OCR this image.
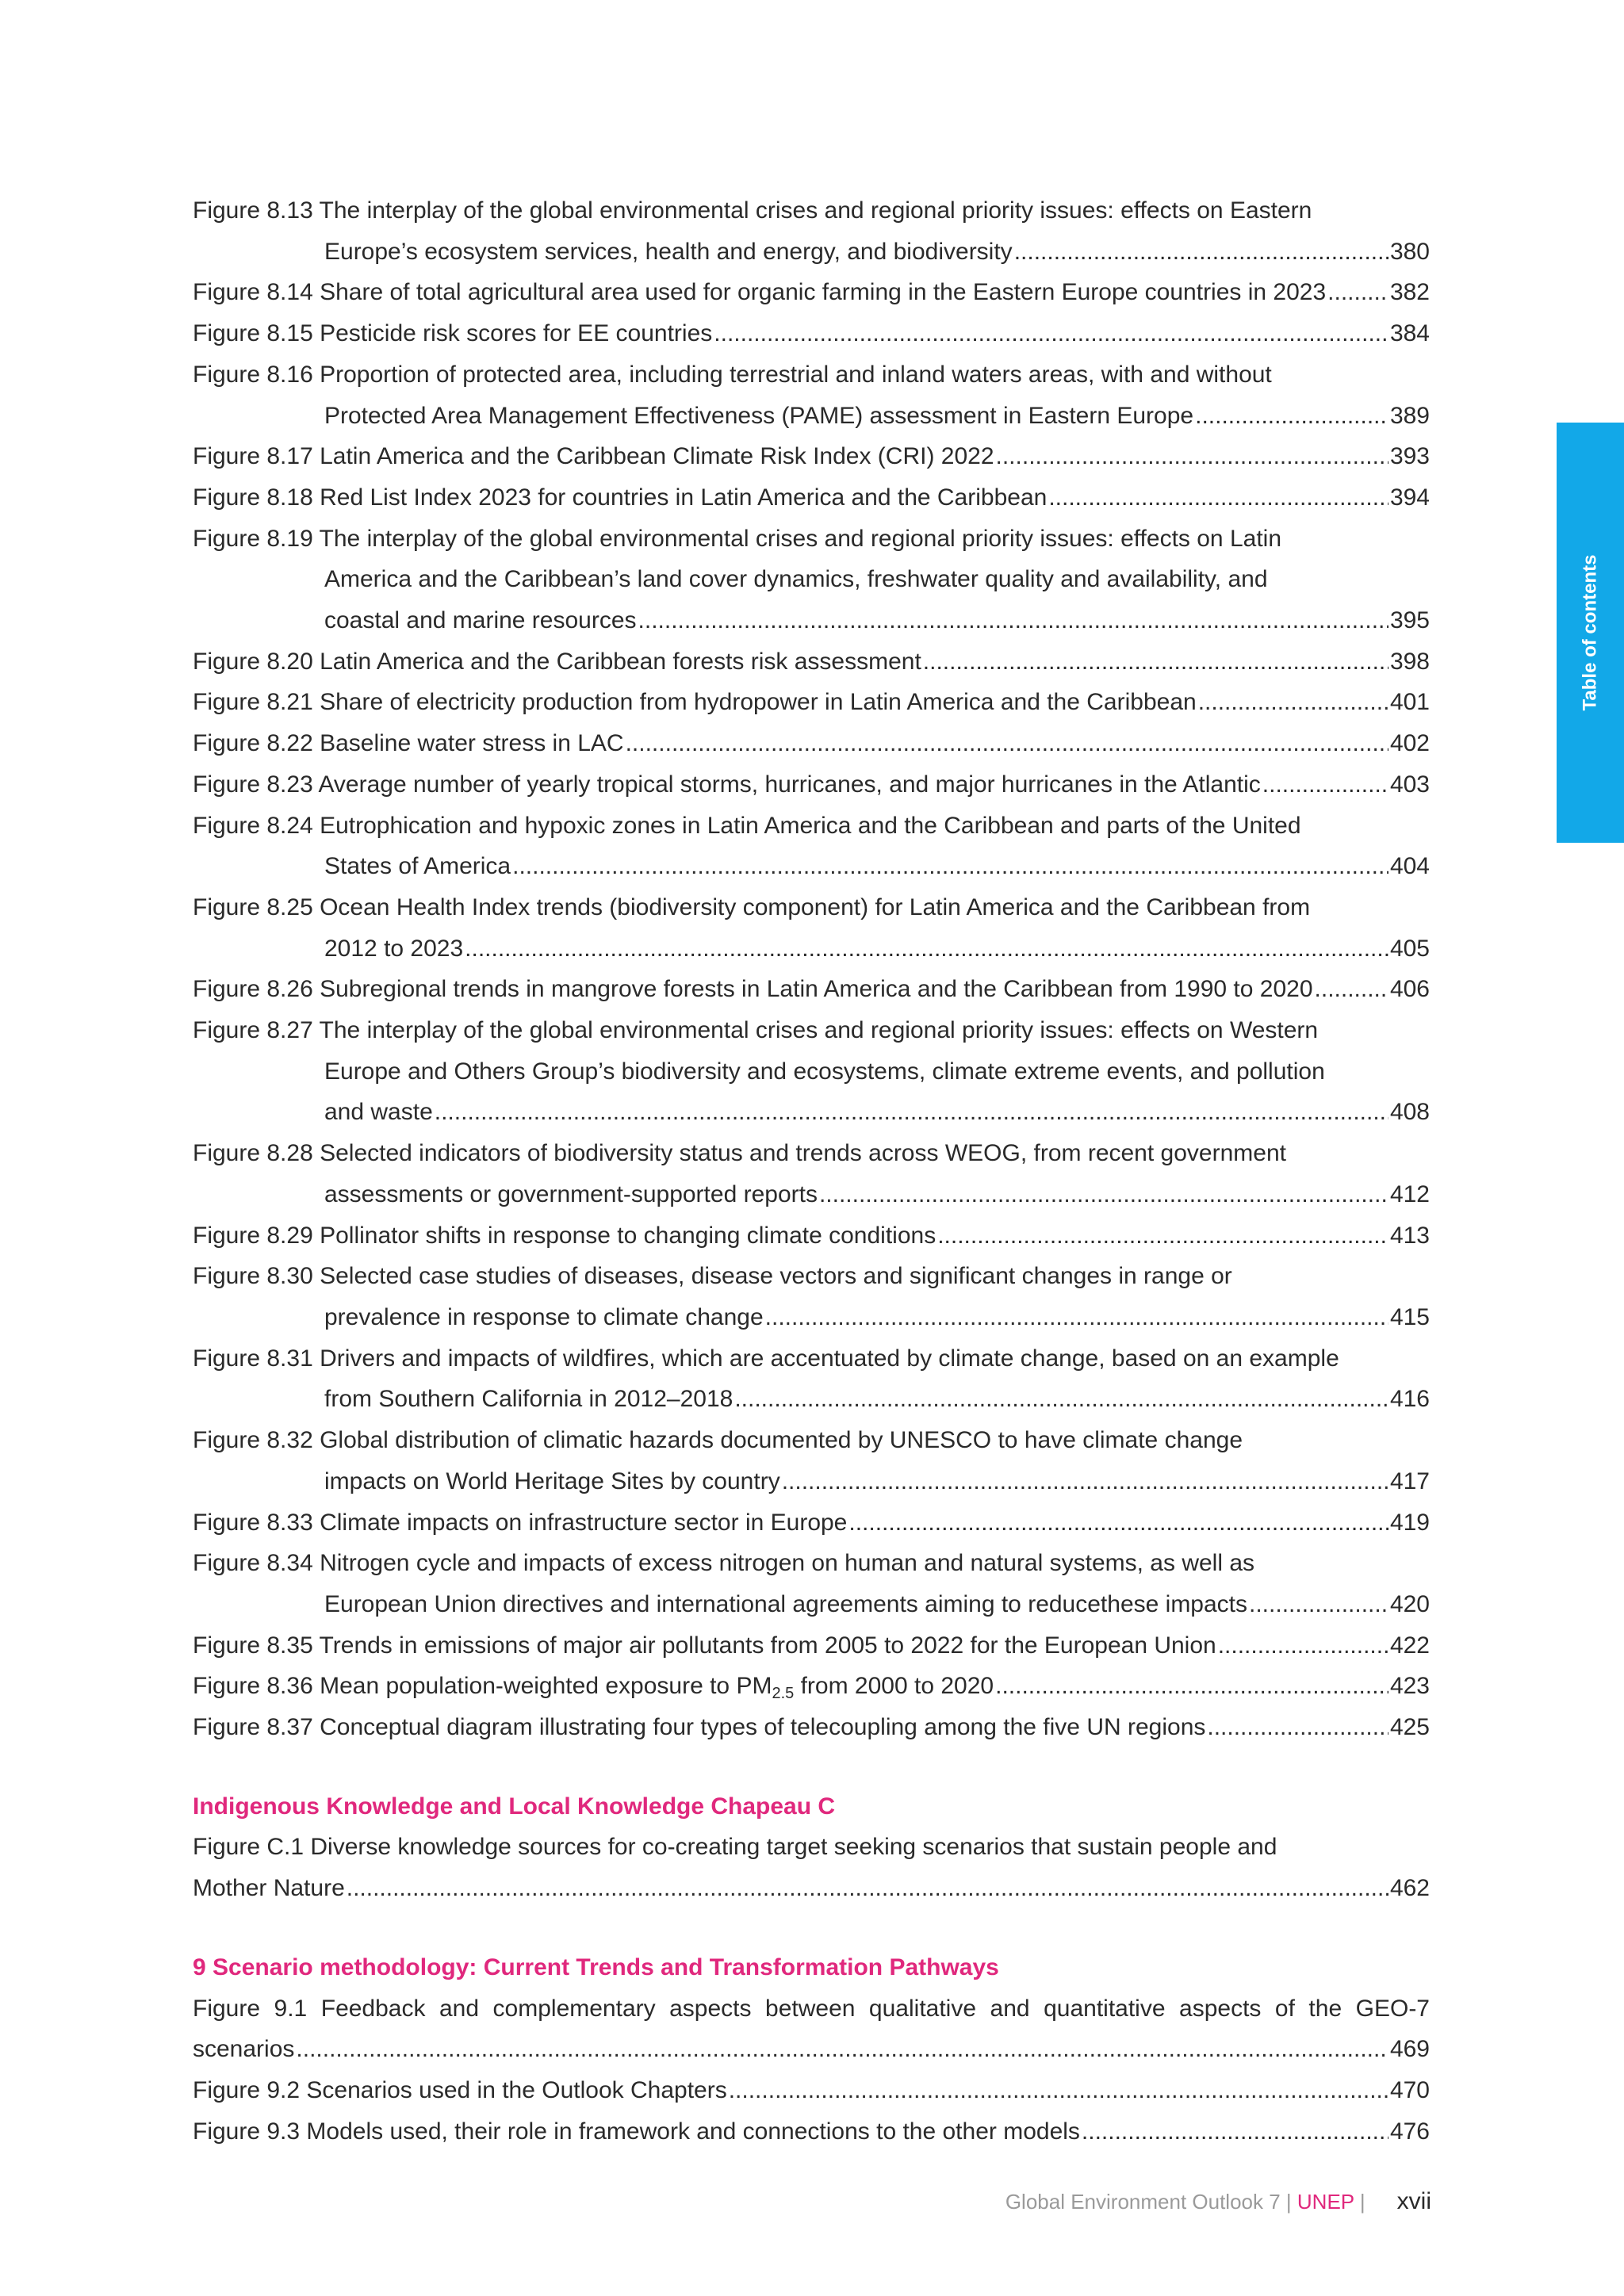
Figure 8.13 The interplay of the global environmental crises and regional priority issues: effects on Eastern
Europe’s ecosystem services, health and energy, and biodiversity .....	380
Figure 8.14 Share of total agricultural area used for organic farming in the Eastern Europe countries in 2023 .....	382
Figure 8.15 Pesticide risk scores for EE countries .....	384
Figure 8.16 Proportion of protected area, including terrestrial and inland waters areas, with and without
Protected Area Management Effectiveness (PAME) assessment in Eastern Europe .....	389
Figure 8.17 Latin America and the Caribbean Climate Risk Index (CRI) 2022 .....	393
Figure 8.18 Red List Index 2023 for countries in Latin America and the Caribbean .....	394
Figure 8.19 The interplay of the global environmental crises and regional priority issues: effects on Latin
America and the Caribbean’s land cover dynamics, freshwater quality and availability, and
coastal and marine resources .....	395
Figure 8.20 Latin America and the Caribbean forests risk assessment .....	398
Figure 8.21 Share of electricity production from hydropower in Latin America and the Caribbean .....	401
Figure 8.22 Baseline water stress in LAC .....	402
Figure 8.23 Average number of yearly tropical storms, hurricanes, and major hurricanes in the Atlantic .....	403
Figure 8.24 Eutrophication and hypoxic zones in Latin America and the Caribbean and parts of the United
States of America .....	404
Figure 8.25 Ocean Health Index trends (biodiversity component) for Latin America and the Caribbean from
2012 to 2023 .....	405
Figure 8.26 Subregional trends in mangrove forests in Latin America and the Caribbean from 1990 to 2020 .....	406
Figure 8.27 The interplay of the global environmental crises and regional priority issues: effects on Western
Europe and Others Group’s biodiversity and ecosystems, climate extreme events, and pollution
and waste .....	408
Figure 8.28 Selected indicators of biodiversity status and trends across WEOG, from recent government
assessments or government-supported reports .....	412
Figure 8.29 Pollinator shifts in response to changing climate conditions .....	413
Figure 8.30 Selected case studies of diseases, disease vectors and significant changes in range or
prevalence in response to climate change .....	415
Figure 8.31 Drivers and impacts of wildfires, which are accentuated by climate change, based on an example
from Southern California in 2012–2018 .....	416
Figure 8.32 Global distribution of climatic hazards documented by UNESCO to have climate change
impacts on World Heritage Sites by country .....	417
Figure 8.33 Climate impacts on infrastructure sector in Europe .....	419
Figure 8.34 Nitrogen cycle and impacts of excess nitrogen on human and natural systems, as well as
European Union directives and international agreements aiming to reducethese impacts .....	420
Figure 8.35 Trends in emissions of major air pollutants from 2005 to 2022 for the European Union .....	422
Figure 8.36 Mean population-weighted exposure to $PM_{2.5}$ from 2000 to 2020 .....	423
Figure 8.37 Conceptual diagram illustrating four types of telecoupling among the five UN regions .....	425
Indigenous Knowledge and Local Knowledge Chapeau C
Figure C.1 Diverse knowledge sources for co-creating target seeking scenarios that sustain people and
Mother Nature .....	462
9 Scenario methodology: Current Trends and Transformation Pathways
Figure 9.1 Feedback and complementary aspects between qualitative and quantitative aspects of the GEO-7
scenarios .....	469
Figure 9.2 Scenarios used in the Outlook Chapters .....	470
Figure 9.3 Models used, their role in framework and connections to the other models .....	476
Table of contents
Global Environment Outlook 7 | UNEP | xvii
